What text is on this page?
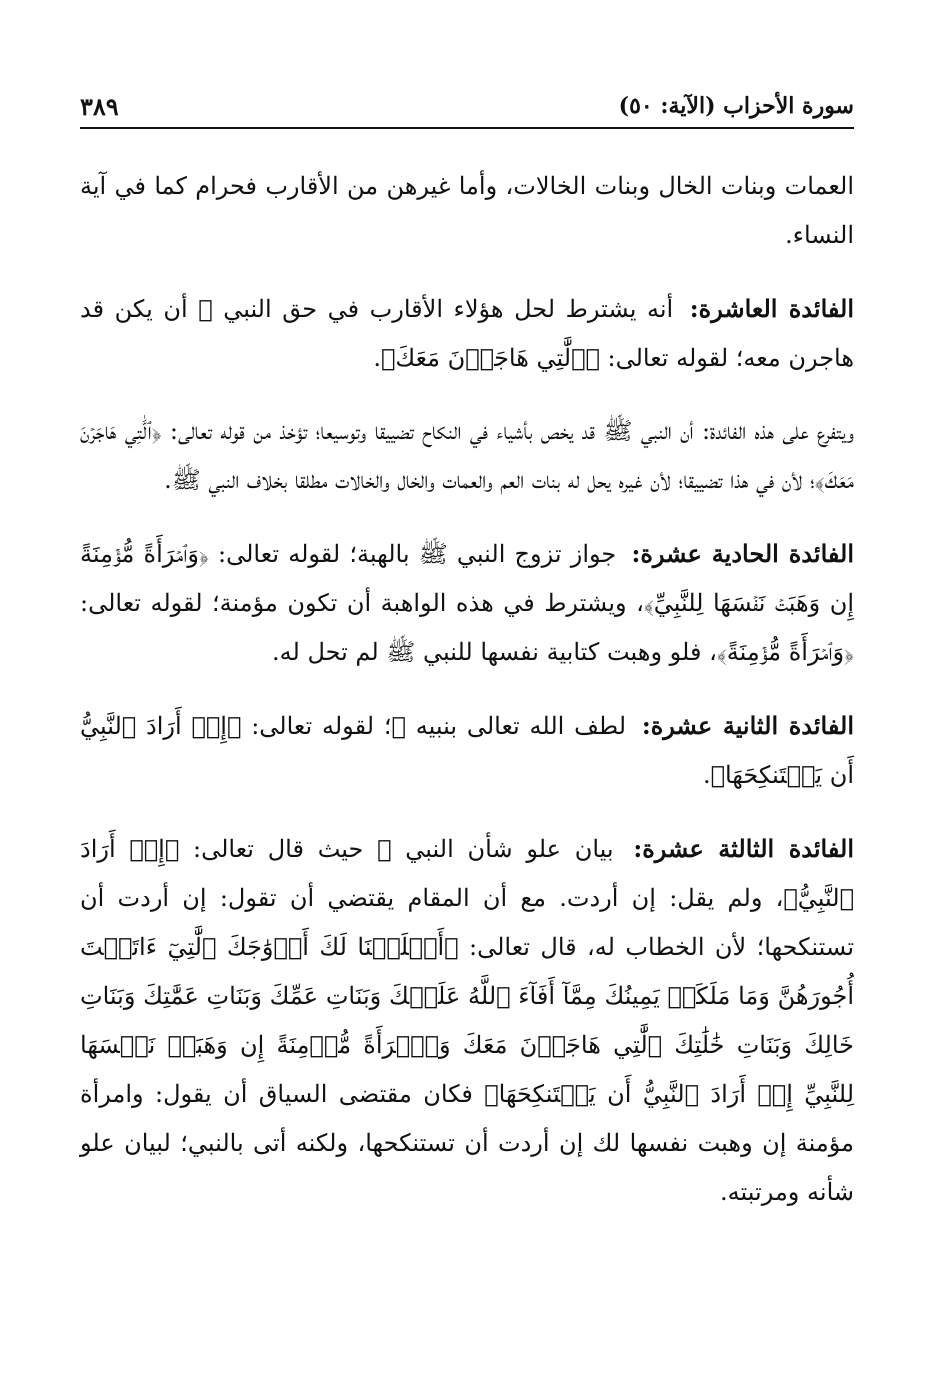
سورة الأحزاب (الآية: ٥٠)
٣٨٩

العمات وبنات الخال وبنات الخالات، وأما غيرهن من الأقارب فحرام كما في آية النساء.

الفائدة العاشرة: أنه يشترط لحل هؤلاء الأقارب في حق النبي ﷺ أن يكن قد هاجرن معه؛ لقوله تعالى: ﴿ٱلَّٰتِي هَاجَرۡنَ مَعَكَ﴾.

ويتفرع على هذه الفائدة: أن النبي ﷺ قد يخص بأشياء في النكاح تضييقا وتوسيعا؛ تؤخذ من قوله تعالى: ﴿ٱلَّٰتِي هَاجَرۡنَ مَعَكَ﴾؛ لأن في هذا تضييقا؛ لأن غيره يحل له بنات العم والعمات والخال والخالات مطلقا بخلاف النبي ﷺ.

الفائدة الحادية عشرة: جواز تزوج النبي ﷺ بالهبة؛ لقوله تعالى: ﴿وَٱمۡرَأَةً مُّؤۡمِنَةً إِن وَهَبَتۡ نَفۡسَهَا لِلنَّبِيِّ﴾، ويشترط في هذه الواهبة أن تكون مؤمنة؛ لقوله تعالى: ﴿وَٱمۡرَأَةً مُّؤۡمِنَةً﴾، فلو وهبت كتابية نفسها للنبي ﷺ لم تحل له.

الفائدة الثانية عشرة: لطف الله تعالى بنبيه ﷺ؛ لقوله تعالى: ﴿إِنۡ أَرَادَ ٱلنَّبِيُّ أَن يَسۡتَنكِحَهَا﴾.

الفائدة الثالثة عشرة: بيان علو شأن النبي ﷺ حيث قال تعالى: ﴿إِنۡ أَرَادَ ٱلنَّبِيُّ﴾، ولم يقل: إن أردت. مع أن المقام يقتضي أن تقول: إن أردت أن تستنكحها؛ لأن الخطاب له، قال تعالى: ﴿أَحۡلَلۡنَا لَكَ أَزۡوَٰجَكَ ٱلَّٰتِيٓ ءَاتَيۡتَ أُجُورَهُنَّ وَمَا مَلَكَتۡ يَمِينُكَ مِمَّآ أَفَآءَ ٱللَّهُ عَلَيۡكَ وَبَنَاتِ عَمِّكَ وَبَنَاتِ عَمَّٰتِكَ وَبَنَاتِ خَالِكَ وَبَنَاتِ خَٰلَٰتِكَ ٱلَّٰتِي هَاجَرۡنَ مَعَكَ وَٱمۡرَأَةً مُّؤۡمِنَةً إِن وَهَبَتۡ نَفۡسَهَا لِلنَّبِيِّ إِنۡ أَرَادَ ٱلنَّبِيُّ أَن يَسۡتَنكِحَهَا﴾ فكان مقتضى السياق أن يقول: وامرأة مؤمنة إن وهبت نفسها لك إن أردت أن تستنكحها، ولكنه أتى بالنبي؛ لبيان علو شأنه ومرتبته.
